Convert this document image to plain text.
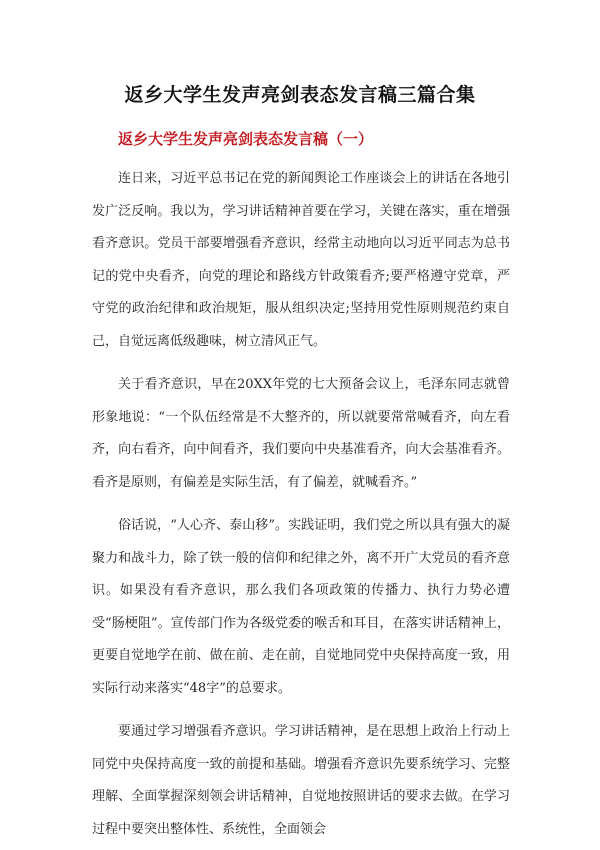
返乡大学生发声亮剑表态发言稿三篇合集
返乡大学生发声亮剑表态发言稿（一）

连日来，习近平总书记在党的新闻舆论工作座谈会上的讲话在各地引发广泛反响。我以为，学习讲话精神首要在学习，关键在落实，重在增强看齐意识。党员干部要增强看齐意识，经常主动地向以习近平同志为总书记的党中央看齐，向党的理论和路线方针政策看齐;要严格遵守党章，严守党的政治纪律和政治规矩，服从组织决定;坚持用党性原则规范约束自己，自觉远离低级趣味，树立清风正气。

关于看齐意识，早在20XX年党的七大预备会议上，毛泽东同志就曾形象地说：“一个队伍经常是不大整齐的，所以就要常常喊看齐，向左看齐，向右看齐，向中间看齐，我们要向中央基准看齐，向大会基准看齐。看齐是原则，有偏差是实际生活，有了偏差，就喊看齐。”

俗话说，“人心齐、泰山移”。实践证明，我们党之所以具有强大的凝聚力和战斗力，除了铁一般的信仰和纪律之外，离不开广大党员的看齐意识。如果没有看齐意识，那么我们各项政策的传播力、执行力势必遭受“肠梗阻”。宣传部门作为各级党委的喉舌和耳目，在落实讲话精神上，更要自觉地学在前、做在前、走在前，自觉地同党中央保持高度一致，用实际行动来落实“48字”的总要求。

要通过学习增强看齐意识。学习讲话精神，是在思想上政治上行动上同党中央保持高度一致的前提和基础。增强看齐意识先要系统学习、完整理解、全面掌握深刻领会讲话精神，自觉地按照讲话的要求去做。在学习过程中要突出整体性、系统性，全面领会
